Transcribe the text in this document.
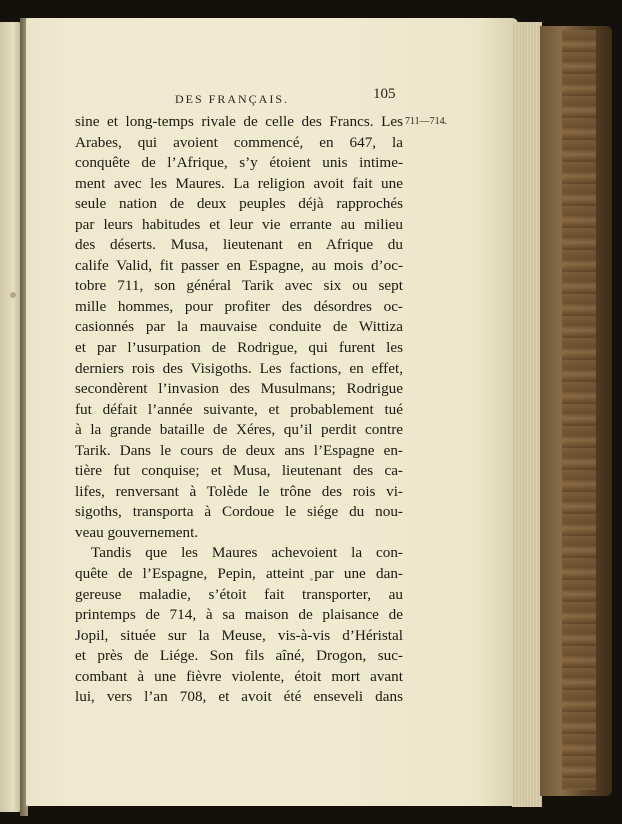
DES FRANÇAIS.	105
711—714.
sine et long-temps rivale de celle des Francs. Les
Arabes, qui avoient commencé, en 647, la
conquête de l’Afrique, s’y étoient unis intime-
ment avec les Maures. La religion avoit fait une
seule nation de deux peuples déjà rapprochés
par leurs habitudes et leur vie errante au milieu
des déserts. Musa, lieutenant en Afrique du
calife Valid, fit passer en Espagne, au mois d’oc-
tobre 711, son général Tarik avec six ou sept
mille hommes, pour profiter des désordres oc-
casionnés par la mauvaise conduite de Wittiza
et par l’usurpation de Rodrigue, qui furent les
derniers rois des Visigoths. Les factions, en effet,
secondèrent l’invasion des Musulmans; Rodrigue
fut défait l’année suivante, et probablement tué
à la grande bataille de Xéres, qu’il perdit contre
Tarik. Dans le cours de deux ans l’Espagne en-
tière fut conquise; et Musa, lieutenant des ca-
lifes, renversant à Tolède le trône des rois vi-
sigoths, transporta à Cordoue le siége du nou-
veau gouvernement.
Tandis que les Maures achevoient la con-
quête de l’Espagne, Pepin, atteint par une dan-
gereuse maladie, s’étoit fait transporter, au
printemps de 714, à sa maison de plaisance de
Jopil, située sur la Meuse, vis-à-vis d’Héristal
et près de Liége. Son fils aîné, Drogon, suc-
combant à une fièvre violente, étoit mort avant
lui, vers l’an 708, et avoit été enseveli dans
